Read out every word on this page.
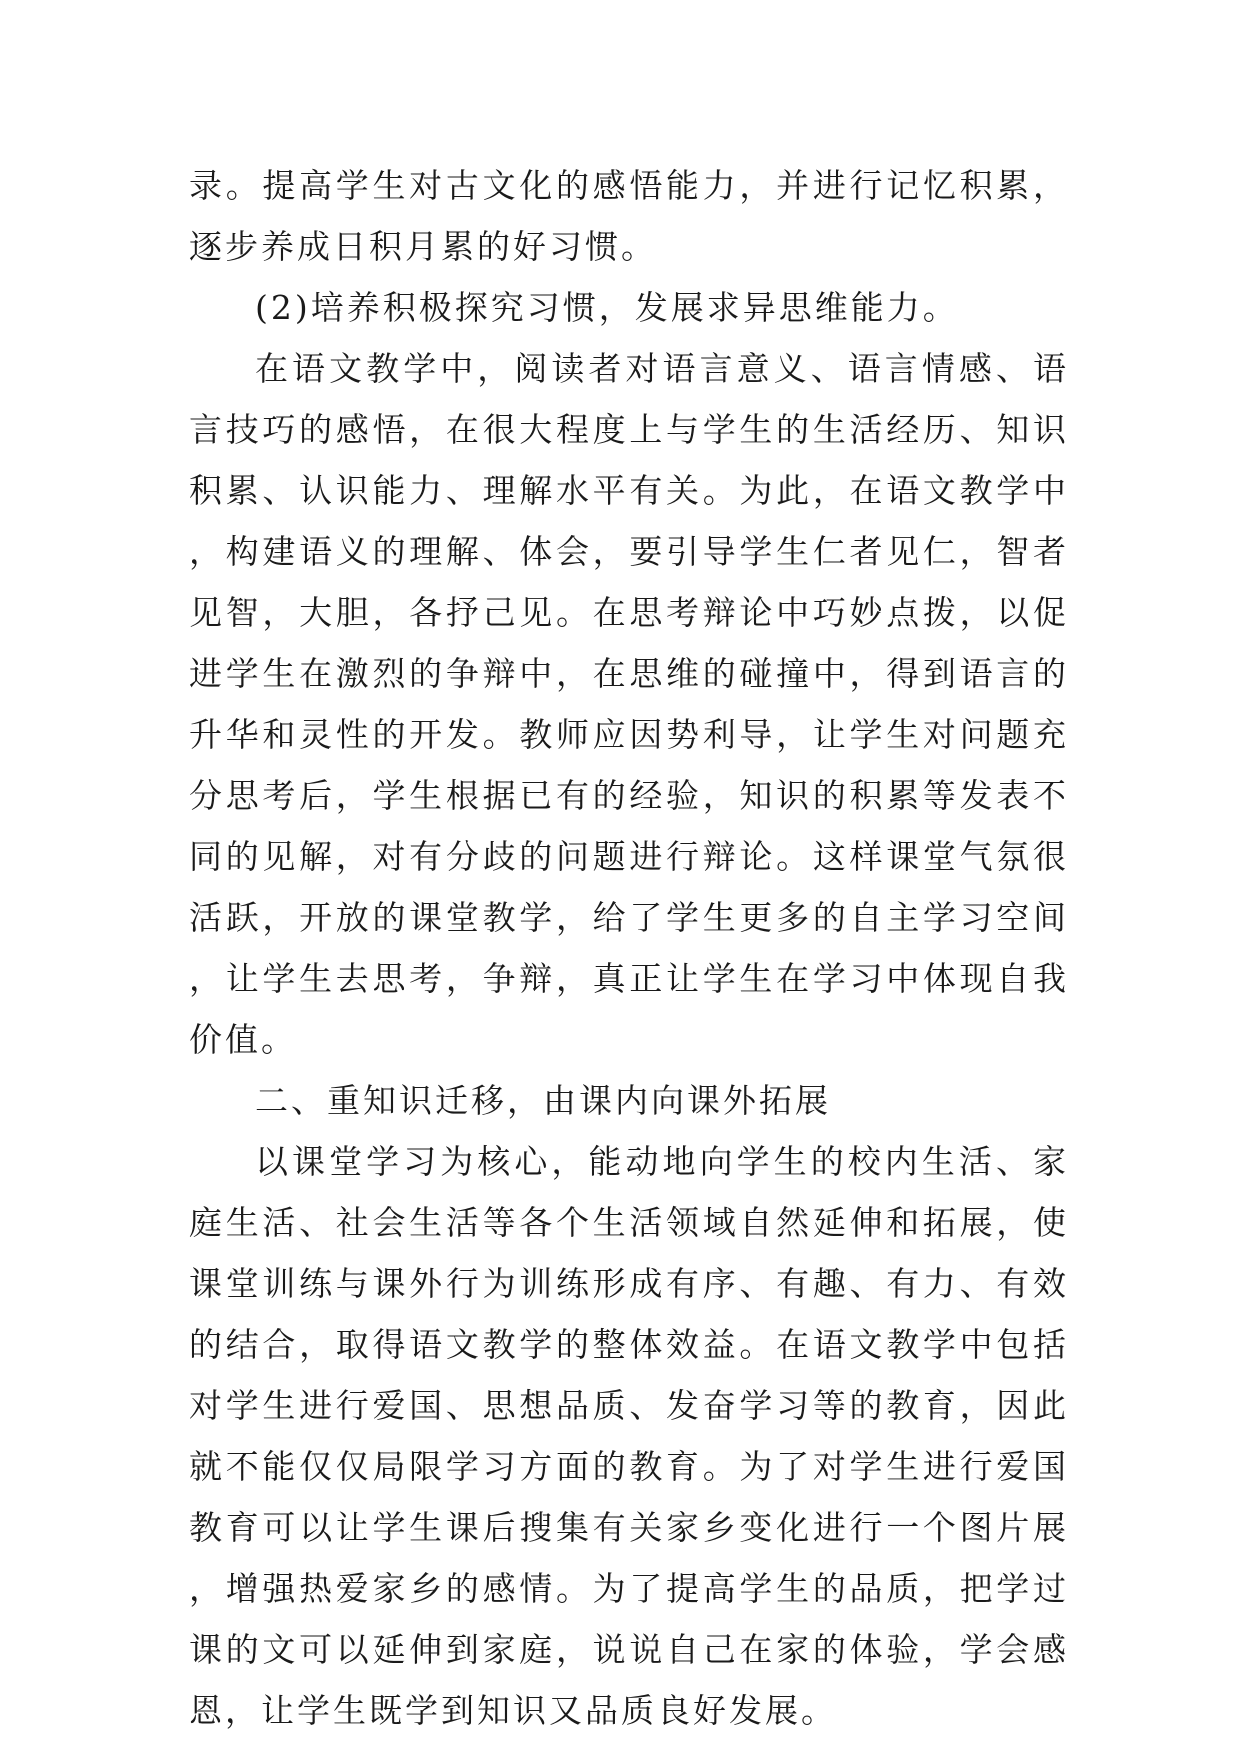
录。提高学生对古文化的感悟能力，并进行记忆积累，逐步养成日积月累的好习惯。

(2)培养积极探究习惯，发展求异思维能力。

在语文教学中，阅读者对语言意义、语言情感、语言技巧的感悟，在很大程度上与学生的生活经历、知识积累、认识能力、理解水平有关。为此，在语文教学中，构建语义的理解、体会，要引导学生仁者见仁，智者见智，大胆，各抒己见。在思考辩论中巧妙点拨，以促进学生在激烈的争辩中，在思维的碰撞中，得到语言的升华和灵性的开发。教师应因势利导，让学生对问题充分思考后，学生根据已有的经验，知识的积累等发表不同的见解，对有分歧的问题进行辩论。这样课堂气氛很活跃，开放的课堂教学，给了学生更多的自主学习空间，让学生去思考，争辩，真正让学生在学习中体现自我价值。

二、重知识迁移，由课内向课外拓展

以课堂学习为核心，能动地向学生的校内生活、家庭生活、社会生活等各个生活领域自然延伸和拓展，使课堂训练与课外行为训练形成有序、有趣、有力、有效的结合，取得语文教学的整体效益。在语文教学中包括对学生进行爱国、思想品质、发奋学习等的教育，因此就不能仅仅局限学习方面的教育。为了对学生进行爱国教育可以让学生课后搜集有关家乡变化进行一个图片展，增强热爱家乡的感情。为了提高学生的品质，把学过课的文可以延伸到家庭，说说自己在家的体验，学会感恩，让学生既学到知识又品质良好发展。
